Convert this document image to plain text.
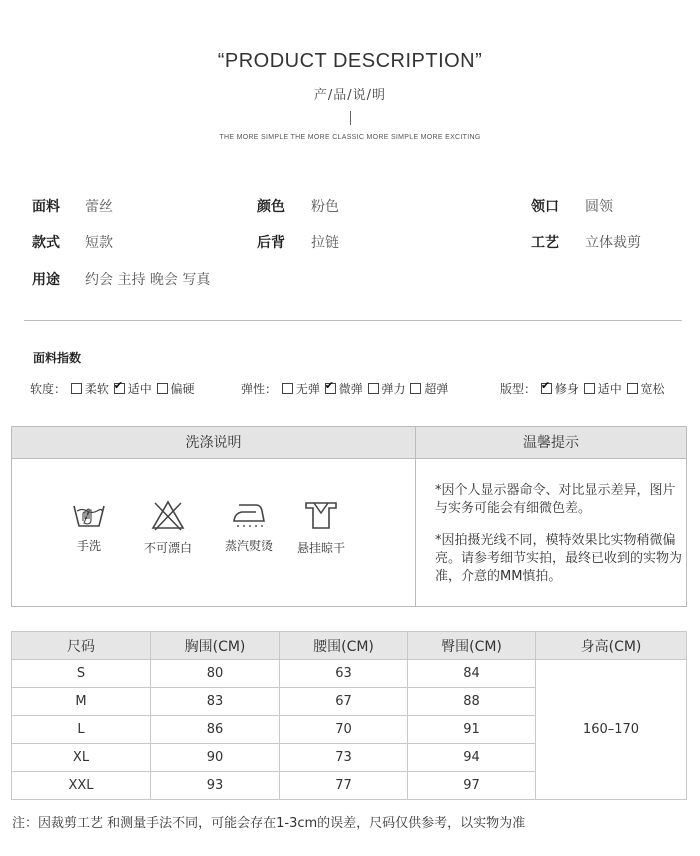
“PRODUCT DESCRIPTION”
产/品/说/明
THE MORE SIMPLE THE MORE CLASSIC MORE SIMPLE MORE EXCITING
面料 蕾丝	颜色 粉色	领口 圆领
款式 短款	后背 拉链	工艺 立体裁剪
用途 约会 主持 晚会 写真
面料指数
软度： 柔软 ✔ 适中 偏硬	弹性： 无弹 ✔ 微弹 弹力 超弹	版型： ✔ 修身 适中 宽松
洗涤说明	温馨提示
手洗	不可漂白	蒸汽熨烫	悬挂晾干
*因个人显示器命令、对比显示差异，图片与实务可能会有细微色差。
*因拍摄光线不同，模特效果比实物稍微偏亮。请参考细节实拍，最终已收到的实物为准，介意的MM慎拍。
尺码	胸围(CM)	腰围(CM)	臀围(CM)	身高(CM)
S	80	63	84	160–170
M	83	67	88	
L	86	70	91	
XL	90	73	94	
XXL	93	77	97	
注：因裁剪工艺 和测量手法不同，可能会存在1-3cm的误差，尺码仅供参考，以实物为准
